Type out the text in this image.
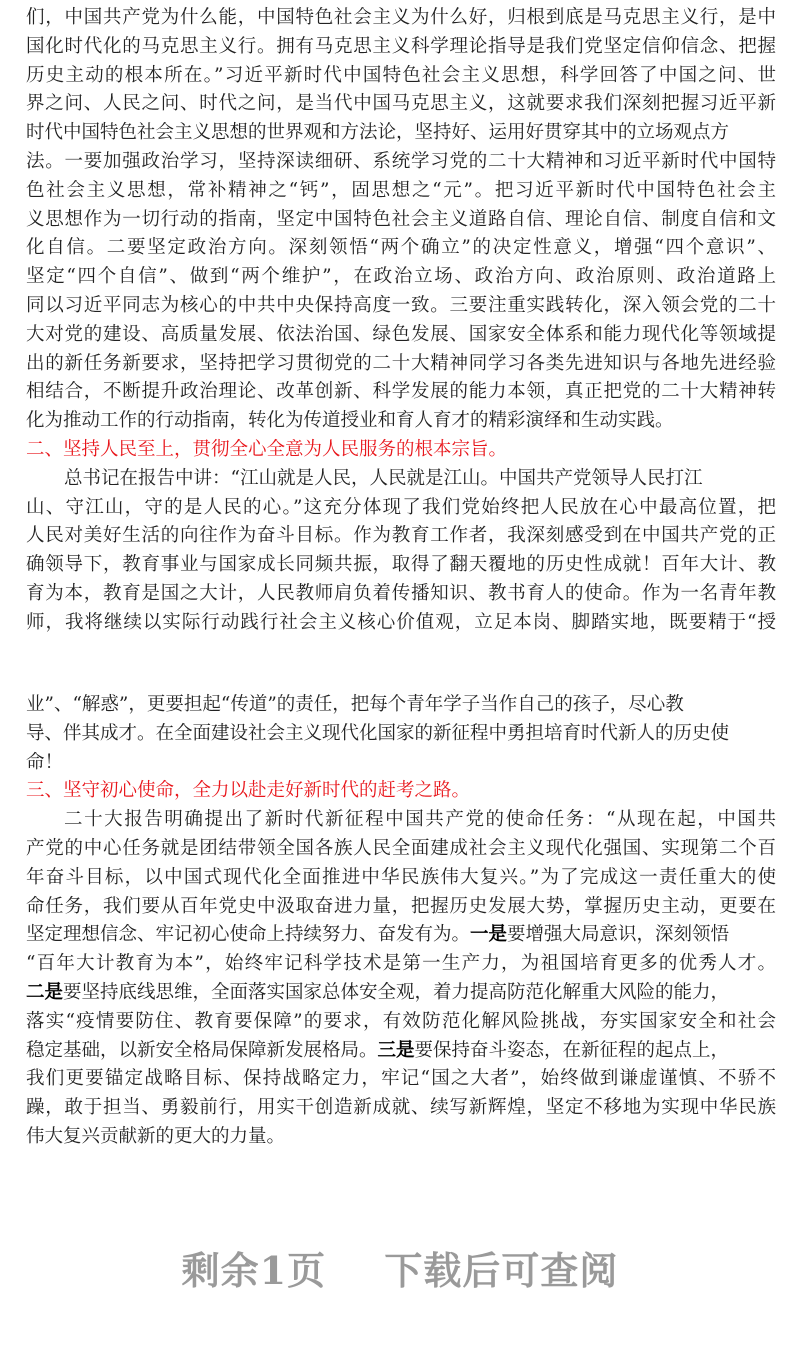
们，中国共产党为什么能，中国特色社会主义为什么好，归根到底是马克思主义行，是中
国化时代化的马克思主义行。拥有马克思主义科学理论指导是我们党坚定信仰信念、把握
历史主动的根本所在。”习近平新时代中国特色社会主义思想，科学回答了中国之问、世
界之问、人民之问、时代之问，是当代中国马克思主义，这就要求我们深刻把握习近平新
时代中国特色社会主义思想的世界观和方法论，坚持好、运用好贯穿其中的立场观点方
法。一要加强政治学习，坚持深读细研、系统学习党的二十大精神和习近平新时代中国特
色社会主义思想，常补精神之“钙”，固思想之“元”。把习近平新时代中国特色社会主
义思想作为一切行动的指南，坚定中国特色社会主义道路自信、理论自信、制度自信和文
化自信。二要坚定政治方向。深刻领悟“两个确立”的决定性意义，增强“四个意识”、
坚定“四个自信”、做到“两个维护”，在政治立场、政治方向、政治原则、政治道路上
同以习近平同志为核心的中共中央保持高度一致。三要注重实践转化，深入领会党的二十
大对党的建设、高质量发展、依法治国、绿色发展、国家安全体系和能力现代化等领域提
出的新任务新要求，坚持把学习贯彻党的二十大精神同学习各类先进知识与各地先进经验
相结合，不断提升政治理论、改革创新、科学发展的能力本领，真正把党的二十大精神转
化为推动工作的行动指南，转化为传道授业和育人育才的精彩演绎和生动实践。
二、坚持人民至上，贯彻全心全意为人民服务的根本宗旨。
总书记在报告中讲：“江山就是人民，人民就是江山。中国共产党领导人民打江
山、守江山，守的是人民的心。”这充分体现了我们党始终把人民放在心中最高位置，把
人民对美好生活的向往作为奋斗目标。作为教育工作者，我深刻感受到在中国共产党的正
确领导下，教育事业与国家成长同频共振，取得了翻天覆地的历史性成就！百年大计、教
育为本，教育是国之大计，人民教师肩负着传播知识、教书育人的使命。作为一名青年教
师，我将继续以实际行动践行社会主义核心价值观，立足本岗、脚踏实地，既要精于“授
业”、“解惑”，更要担起“传道”的责任，把每个青年学子当作自己的孩子，尽心教
导、伴其成才。在全面建设社会主义现代化国家的新征程中勇担培育时代新人的历史使
命！
三、坚守初心使命，全力以赴走好新时代的赶考之路。
二十大报告明确提出了新时代新征程中国共产党的使命任务：“从现在起，中国共
产党的中心任务就是团结带领全国各族人民全面建成社会主义现代化强国、实现第二个百
年奋斗目标，以中国式现代化全面推进中华民族伟大复兴。”为了完成这一责任重大的使
命任务，我们要从百年党史中汲取奋进力量，把握历史发展大势，掌握历史主动，更要在
坚定理想信念、牢记初心使命上持续努力、奋发有为。一是要增强大局意识，深刻领悟
“百年大计教育为本”，始终牢记科学技术是第一生产力，为祖国培育更多的优秀人才。
二是要坚持底线思维，全面落实国家总体安全观，着力提高防范化解重大风险的能力，
落实“疫情要防住、教育要保障”的要求，有效防范化解风险挑战，夯实国家安全和社会
稳定基础，以新安全格局保障新发展格局。三是要保持奋斗姿态，在新征程的起点上，
我们更要锚定战略目标、保持战略定力，牢记“国之大者”，始终做到谦虚谨慎、不骄不
躁，敢于担当、勇毅前行，用实干创造新成就、续写新辉煌，坚定不移地为实现中华民族
伟大复兴贡献新的更大的力量。
剩余1页 下载后可查阅
